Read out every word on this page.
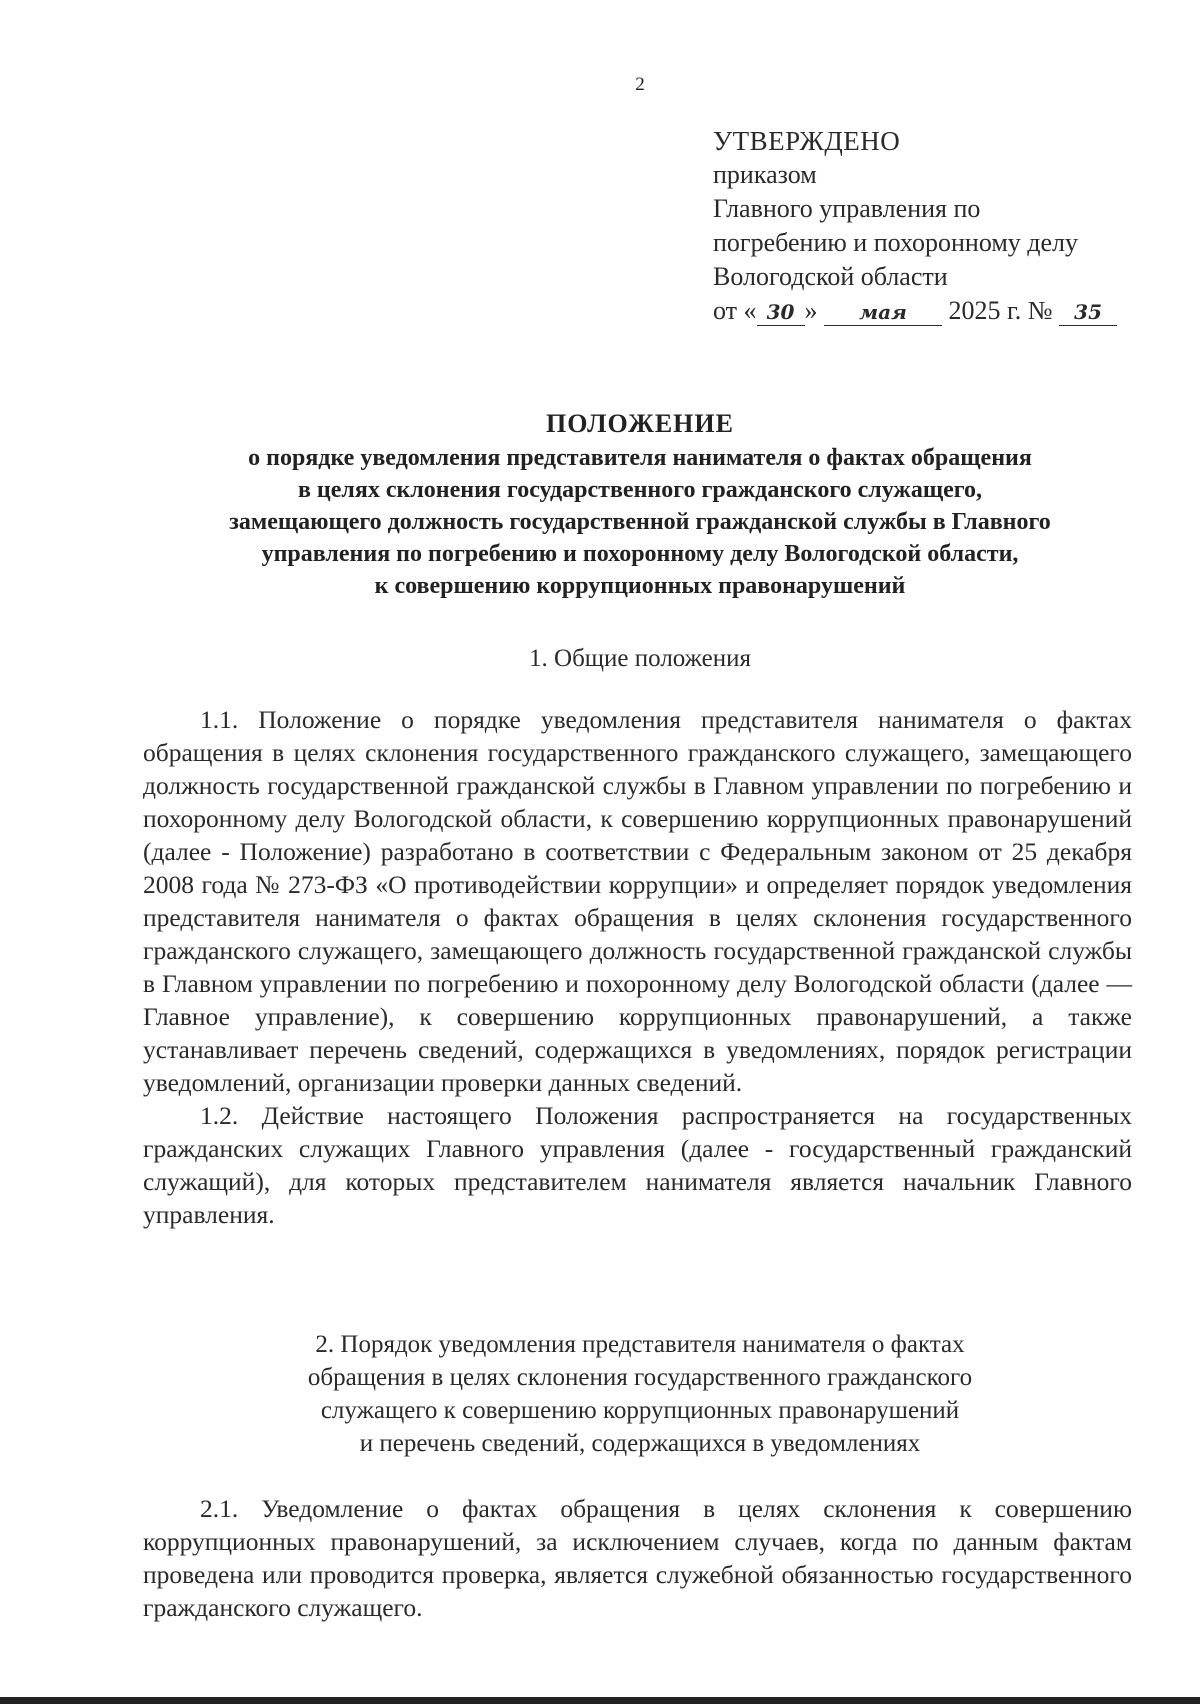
2
УТВЕРЖДЕНО
приказом
Главного управления по
погребению и похоронному делу
Вологодской области
от « 30 » мая 2025 г. № 35
ПОЛОЖЕНИЕ
о порядке уведомления представителя нанимателя о фактах обращения
в целях склонения государственного гражданского служащего,
замещающего должность государственной гражданской службы в Главного
управления по погребению и похоронному делу Вологодской области,
к совершению коррупционных правонарушений
1. Общие положения

1.1. Положение о порядке уведомления представителя нанимателя о фактах обращения в целях склонения государственного гражданского служащего, замещающего должность государственной гражданской службы в Главном управлении по погребению и похоронному делу Вологодской области, к совершению коррупционных правонарушений (далее - Положение) разработано в соответствии с Федеральным законом от 25 декабря 2008 года № 273-ФЗ «О противодействии коррупции» и определяет порядок уведомления представителя нанимателя о фактах обращения в целях склонения государственного гражданского служащего, замещающего должность государственной гражданской службы в Главном управлении по погребению и похоронному делу Вологодской области (далее — Главное управление), к совершению коррупционных правонарушений, а также устанавливает перечень сведений, содержащихся в уведомлениях, порядок регистрации уведомлений, организации проверки данных сведений.

1.2. Действие настоящего Положения распространяется на государственных гражданских служащих Главного управления (далее - государственный гражданский служащий), для которых представителем нанимателя является начальник Главного управления.

2. Порядок уведомления представителя нанимателя о фактах
обращения в целях склонения государственного гражданского
служащего к совершению коррупционных правонарушений
и перечень сведений, содержащихся в уведомлениях

2.1. Уведомление о фактах обращения в целях склонения к совершению коррупционных правонарушений, за исключением случаев, когда по данным фактам проведена или проводится проверка, является служебной обязанностью государственного гражданского служащего.
